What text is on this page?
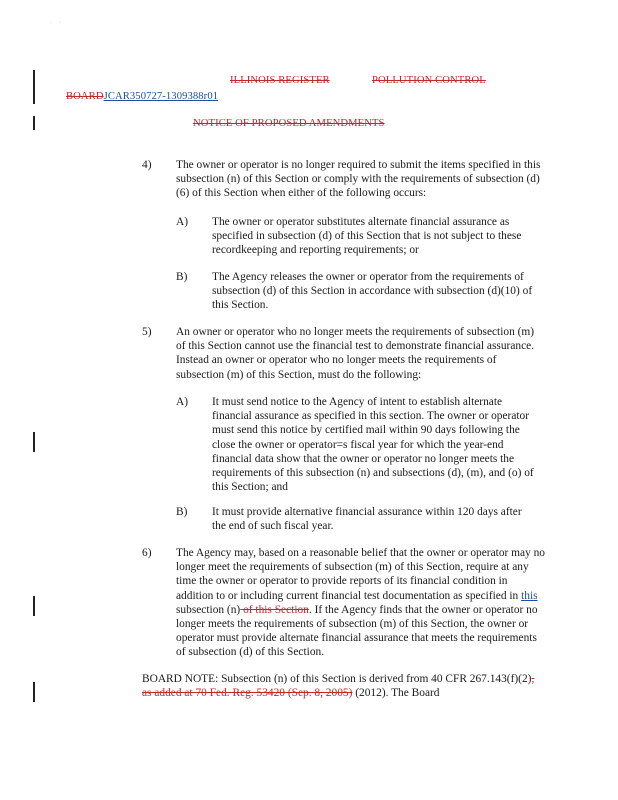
· ·
ILLINOIS REGISTER	POLLUTION CONTROL
BOARDJCAR350727-1309388r01
NOTICE OF PROPOSED AMENDMENTS
4) The owner or operator is no longer required to submit the items specified in this subsection (n) of this Section or comply with the requirements of subsection (d)(6) of this Section when either of the following occurs:

A) The owner or operator substitutes alternate financial assurance as specified in subsection (d) of this Section that is not subject to these recordkeeping and reporting requirements; or

B) The Agency releases the owner or operator from the requirements of subsection (d) of this Section in accordance with subsection (d)(10) of this Section.

5) An owner or operator who no longer meets the requirements of subsection (m) of this Section cannot use the financial test to demonstrate financial assurance. Instead an owner or operator who no longer meets the requirements of subsection (m) of this Section, must do the following:

A) It must send notice to the Agency of intent to establish alternate financial assurance as specified in this section. The owner or operator must send this notice by certified mail within 90 days following the close the owner or operator=s fiscal year for which the year-end financial data show that the owner or operator no longer meets the requirements of this subsection (n) and subsections (d), (m), and (o) of this Section; and

B) It must provide alternative financial assurance within 120 days after the end of such fiscal year.

6) The Agency may, based on a reasonable belief that the owner or operator may no longer meet the requirements of subsection (m) of this Section, require at any time the owner or operator to provide reports of its financial condition in addition to or including current financial test documentation as specified in this subsection (n) of this Section. If the Agency finds that the owner or operator no longer meets the requirements of subsection (m) of this Section, the owner or operator must provide alternate financial assurance that meets the requirements of subsection (d) of this Section.

BOARD NOTE: Subsection (n) of this Section is derived from 40 CFR 267.143(f)(2), as added at 70 Fed. Reg. 53420 (Sep. 8, 2005) (2012). The Board
